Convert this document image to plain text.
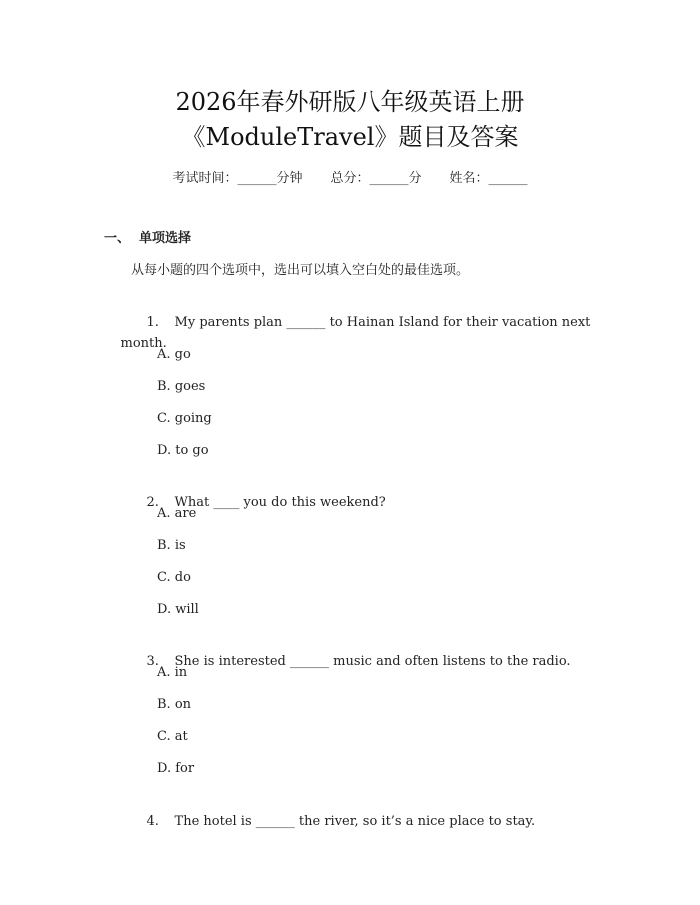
2026年春外研版八年级英语上册
《ModuleTravel》题目及答案
考试时间：______分钟 总分：______分 姓名：______
一、  单项选择
从每小题的四个选项中，选出可以填入空白处的最佳选项。

1. My parents plan ______ to Hainan Island for their vacation next

month.

A. go
B. goes
C. going
D. to go

2. What ____ you do this weekend?

A. are
B. is
C. do
D. will

3. She is interested ______ music and often listens to the radio.

A. in
B. on
C. at
D. for

4. The hotel is ______ the river, so it’s a nice place to stay.
